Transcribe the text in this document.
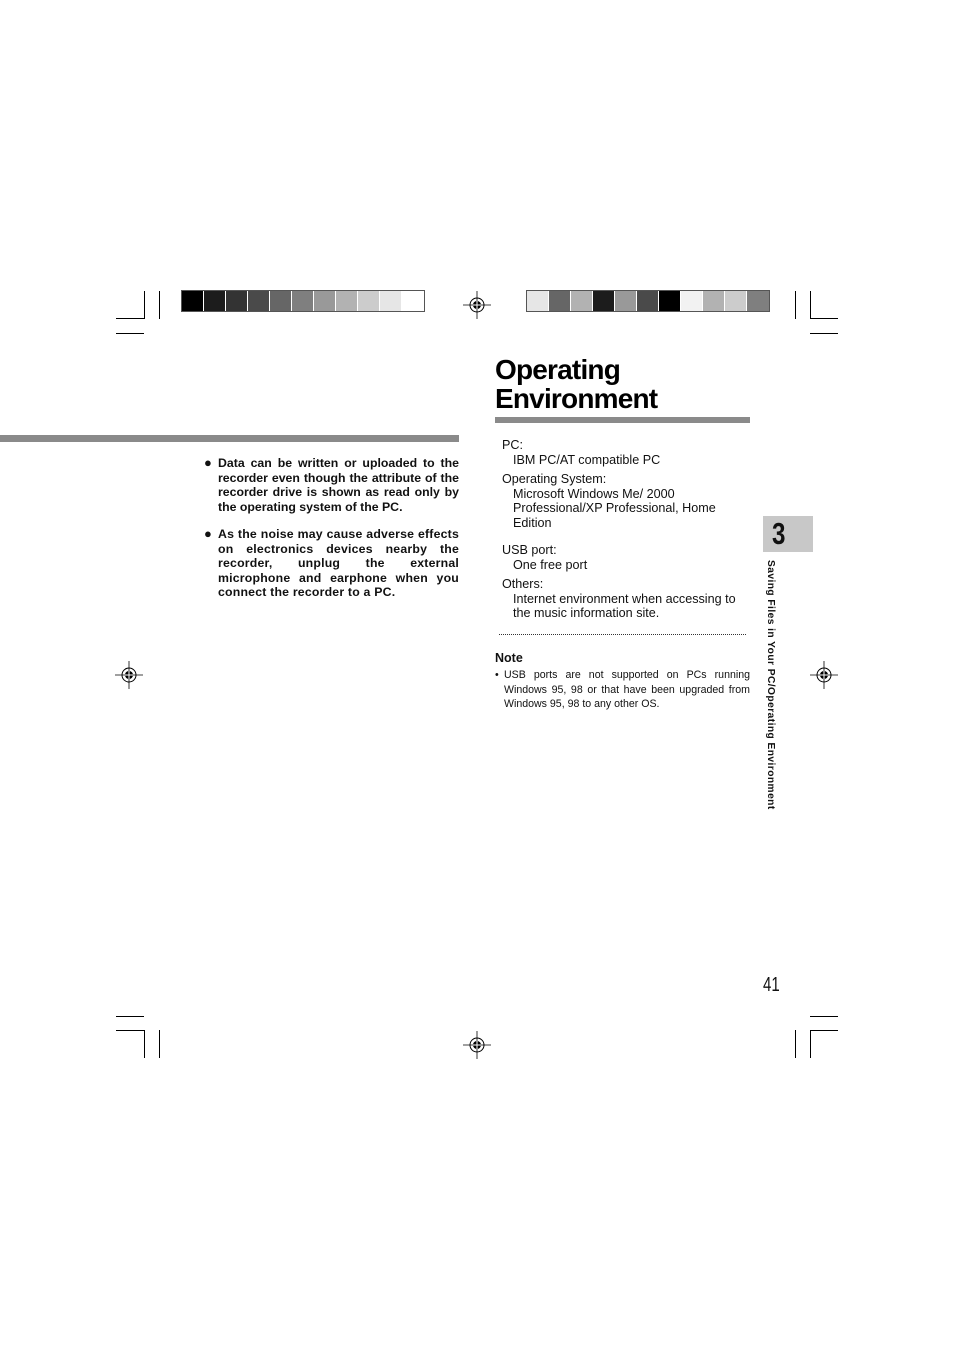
● Data can be written or uploaded to the recorder even though the attribute of the recorder drive is shown as read only by the operating system of the PC.
● As the noise may cause adverse effects on electronics devices nearby the recorder, unplug the external microphone and earphone when you connect the recorder to a PC.
Operating
Environment
PC:
IBM PC/AT compatible PC
Operating System:
Microsoft Windows Me/ 2000 Professional/XP Professional, Home Edition
USB port:
One free port
Others:
Internet environment when accessing to the music information site.
Note
• USB ports are not supported on PCs running Windows 95, 98 or that have been upgraded from Windows 95, 98 to any other OS.
3
Saving Files in Your PC/Operating Environment
41
